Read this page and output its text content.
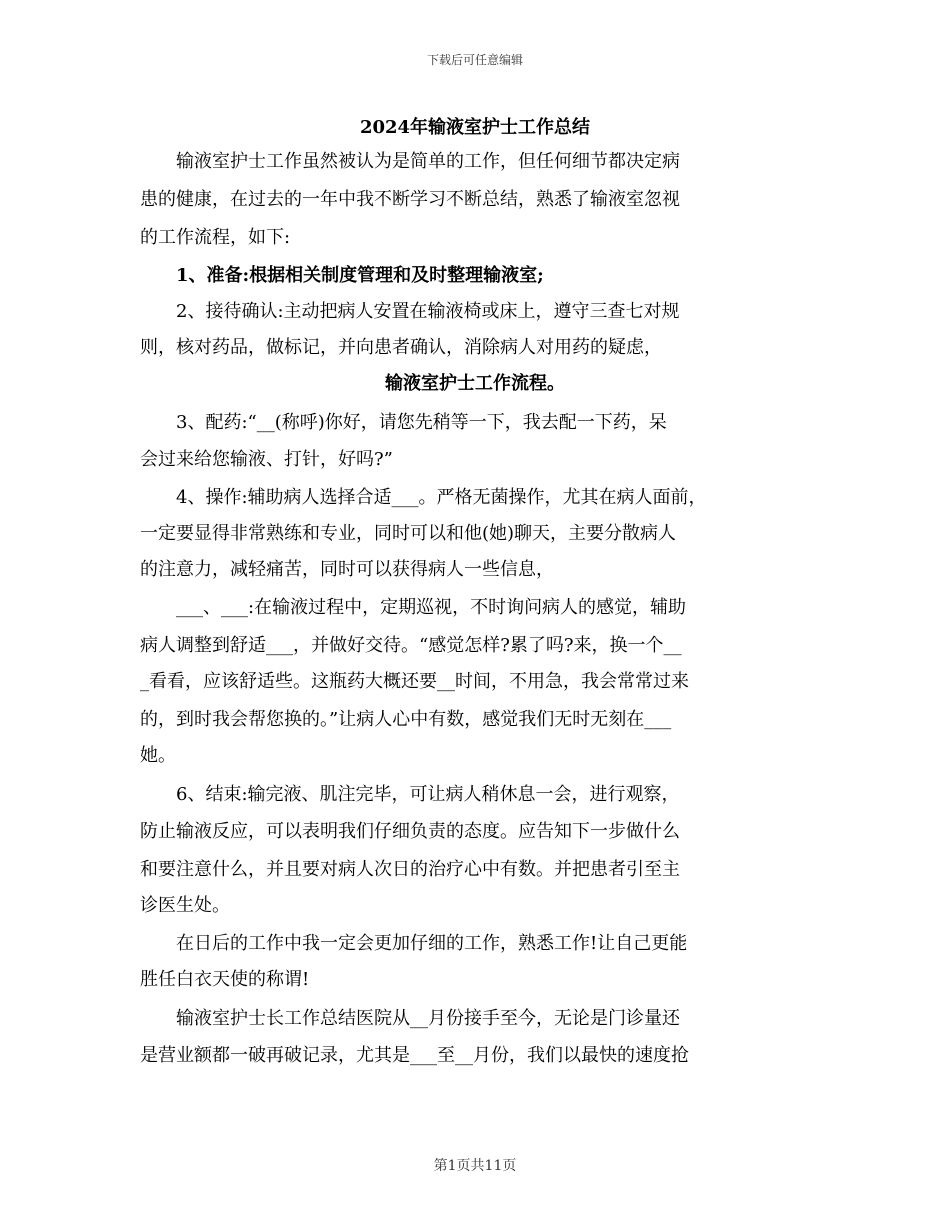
下载后可任意编辑
2024年输液室护士工作总结
　　输液室护士工作虽然被认为是简单的工作，但任何细节都决定病
患的健康，在过去的一年中我不断学习不断总结，熟悉了输液室忽视
的工作流程，如下:
　　1、准备:根据相关制度管理和及时整理输液室;
　　2、接待确认:主动把病人安置在输液椅或床上，遵守三查七对规
则，核对药品，做标记，并向患者确认，消除病人对用药的疑虑，
输液室护士工作流程。
　　3、配药:“__(称呼)你好，请您先稍等一下，我去配一下药，呆
会过来给您输液、打针，好吗?”
　　4、操作:辅助病人选择合适___。严格无菌操作，尤其在病人面前，
一定要显得非常熟练和专业，同时可以和他(她)聊天，主要分散病人
的注意力，减轻痛苦，同时可以获得病人一些信息，
　　___、___:在输液过程中，定期巡视，不时询问病人的感觉，辅助
病人调整到舒适___，并做好交待。“感觉怎样?累了吗?来，换一个__
_看看，应该舒适些。这瓶药大概还要__时间，不用急，我会常常过来
的，到时我会帮您换的。”让病人心中有数，感觉我们无时无刻在___
她。
　　6、结束:输完液、肌注完毕，可让病人稍休息一会，进行观察，
防止输液反应，可以表明我们仔细负责的态度。应告知下一步做什么
和要注意什么，并且要对病人次日的治疗心中有数。并把患者引至主
诊医生处。
　　在日后的工作中我一定会更加仔细的工作，熟悉工作!让自己更能
胜任白衣天使的称谓!
　　输液室护士长工作总结医院从__月份接手至今，无论是门诊量还
是营业额都一破再破记录，尤其是___至__月份，我们以最快的速度抢
第1页共11页
